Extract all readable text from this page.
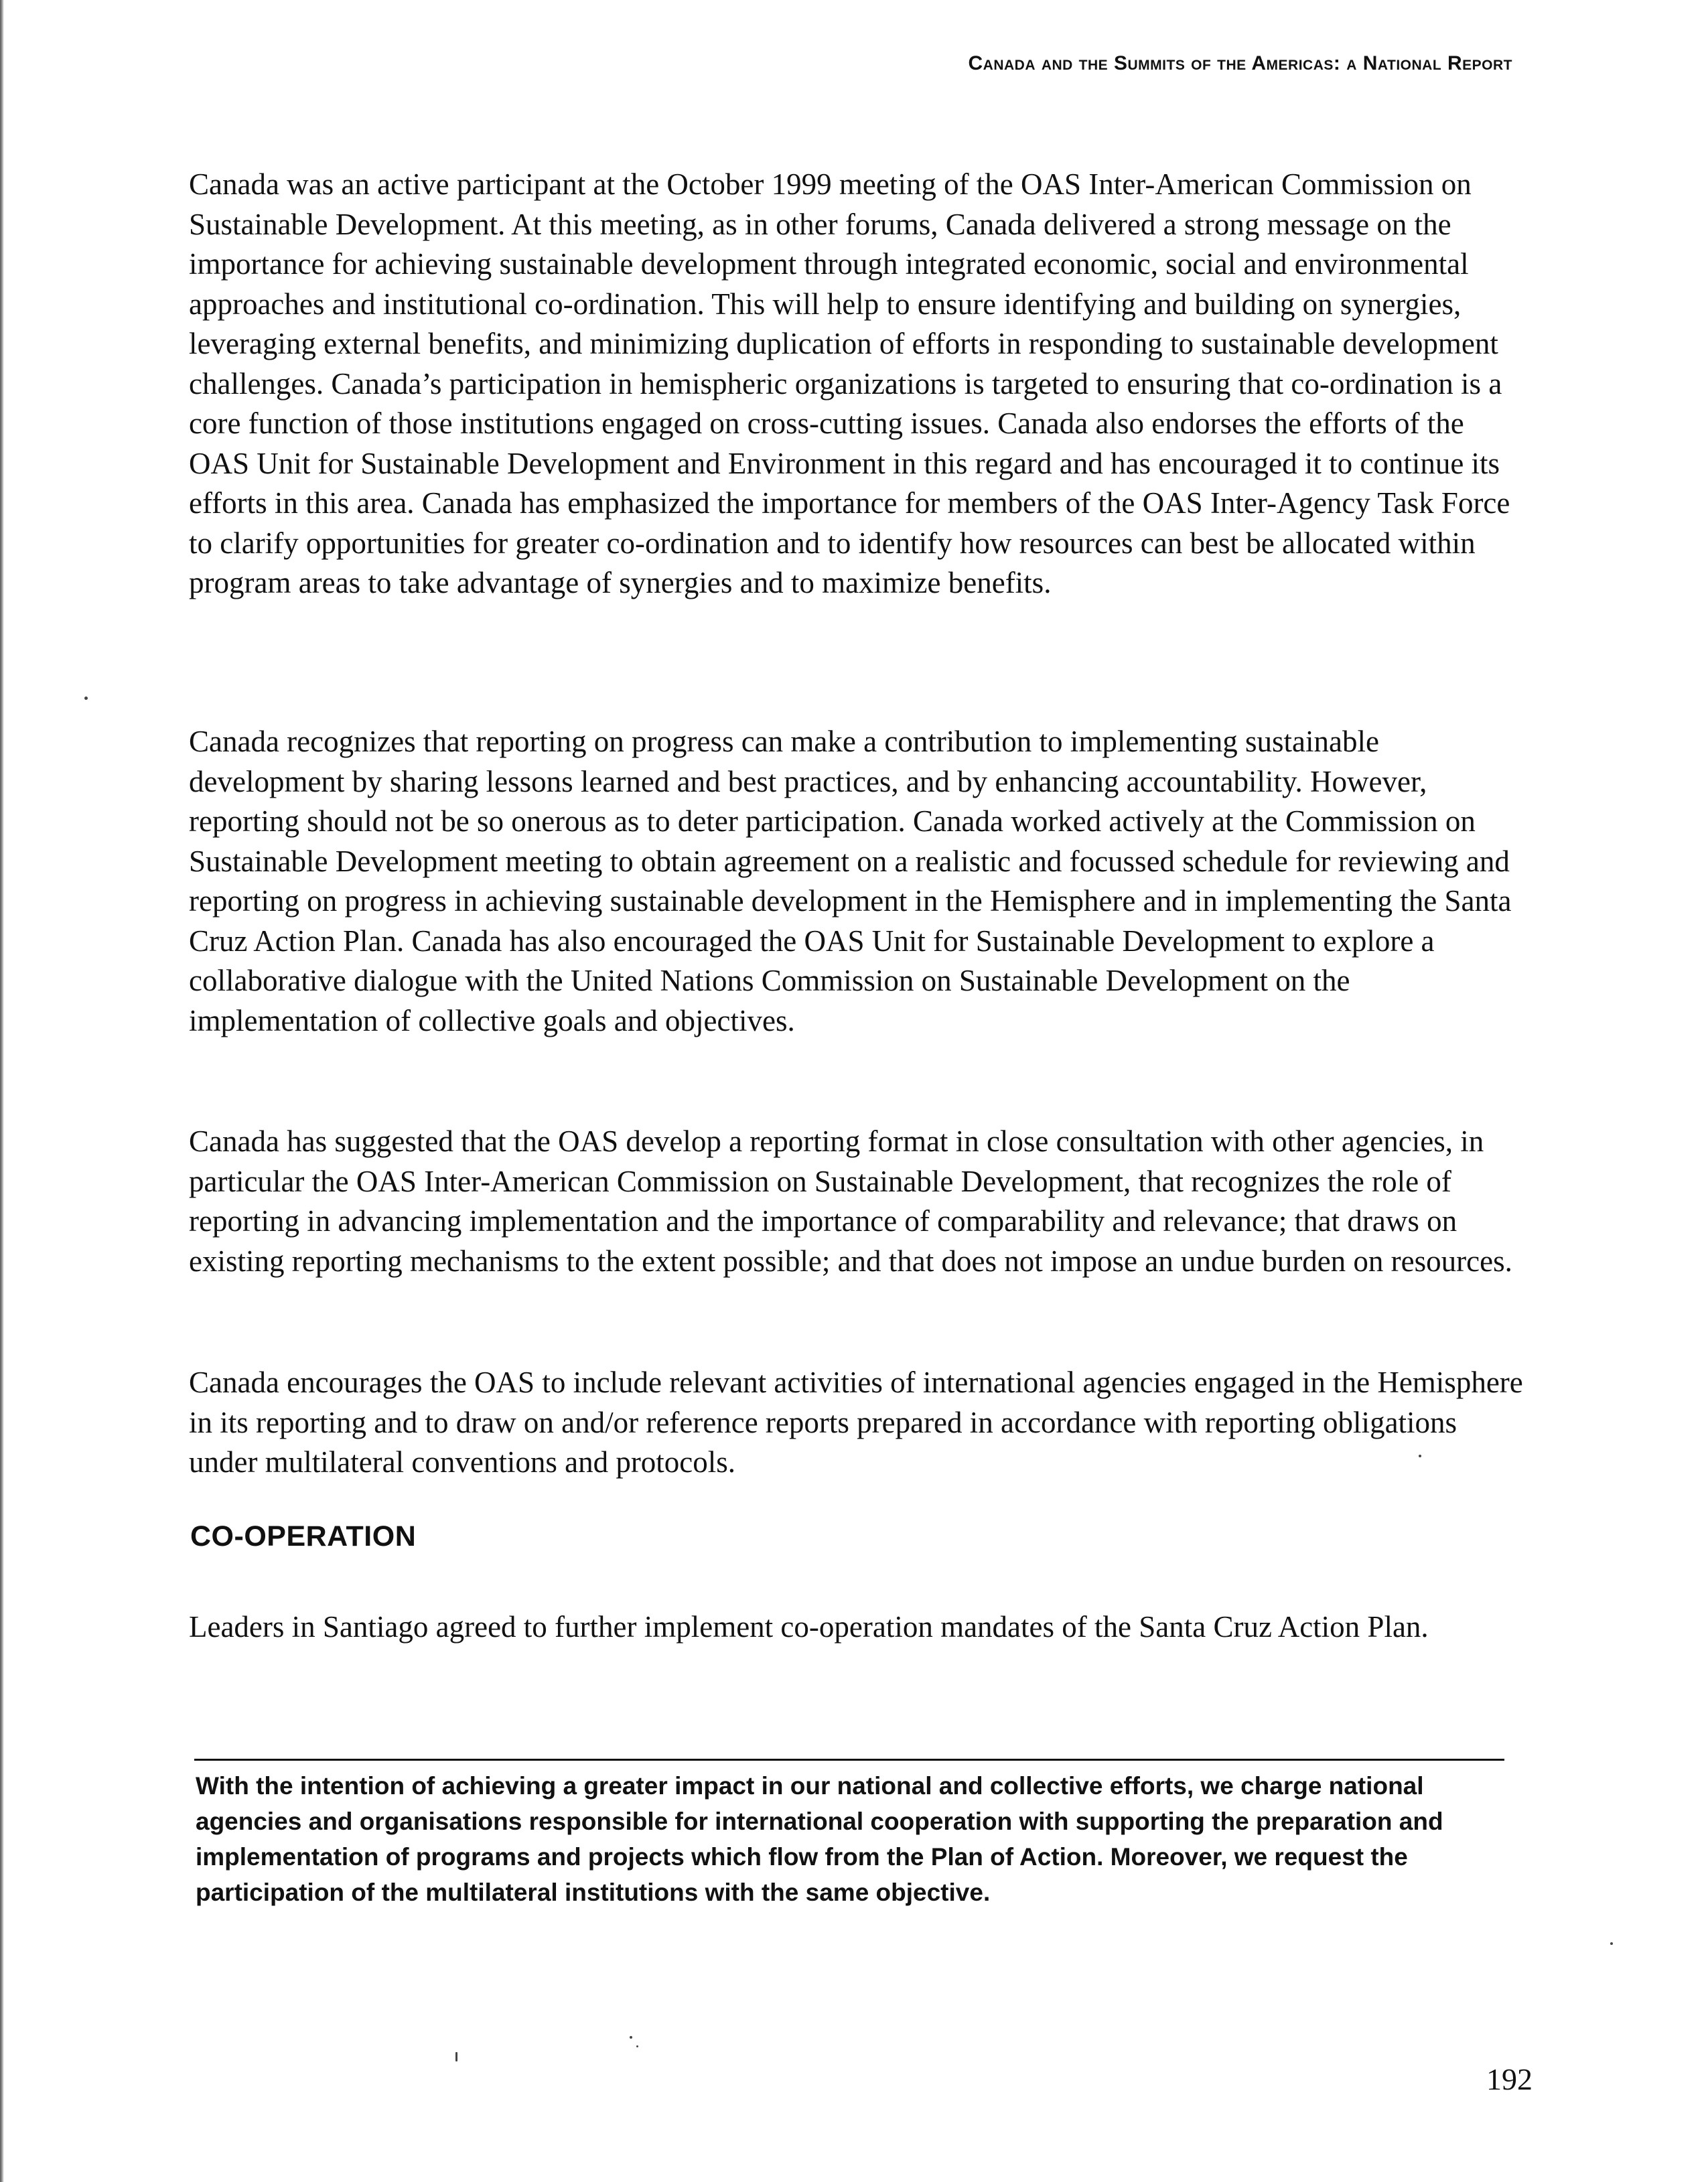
Canada and the Summits of the Americas: a National Report

Canada was an active participant at the October 1999 meeting of the OAS Inter-American Commission on Sustainable Development. At this meeting, as in other forums, Canada delivered a strong message on the importance for achieving sustainable development through integrated economic, social and environmental approaches and institutional co-ordination. This will help to ensure identifying and building on synergies, leveraging external benefits, and minimizing duplication of efforts in responding to sustainable development challenges. Canada’s participation in hemispheric organizations is targeted to ensuring that co-ordination is a core function of those institutions engaged on cross-cutting issues. Canada also endorses the efforts of the OAS Unit for Sustainable Development and Environment in this regard and has encouraged it to continue its efforts in this area. Canada has emphasized the importance for members of the OAS Inter-Agency Task Force to clarify opportunities for greater co-ordination and to identify how resources can best be allocated within program areas to take advantage of synergies and to maximize benefits.

Canada recognizes that reporting on progress can make a contribution to implementing sustainable development by sharing lessons learned and best practices, and by enhancing accountability. However, reporting should not be so onerous as to deter participation. Canada worked actively at the Commission on Sustainable Development meeting to obtain agreement on a realistic and focussed schedule for reviewing and reporting on progress in achieving sustainable development in the Hemisphere and in implementing the Santa Cruz Action Plan. Canada has also encouraged the OAS Unit for Sustainable Development to explore a collaborative dialogue with the United Nations Commission on Sustainable Development on the implementation of collective goals and objectives.

Canada has suggested that the OAS develop a reporting format in close consultation with other agencies, in particular the OAS Inter-American Commission on Sustainable Development, that recognizes the role of reporting in advancing implementation and the importance of comparability and relevance; that draws on existing reporting mechanisms to the extent possible; and that does not impose an undue burden on resources.

Canada encourages the OAS to include relevant activities of international agencies engaged in the Hemisphere in its reporting and to draw on and/or reference reports prepared in accordance with reporting obligations under multilateral conventions and protocols.

CO-OPERATION

Leaders in Santiago agreed to further implement co-operation mandates of the Santa Cruz Action Plan.

With the intention of achieving a greater impact in our national and collective efforts, we charge national agencies and organisations responsible for international cooperation with supporting the preparation and implementation of programs and projects which flow from the Plan of Action. Moreover, we request the participation of the multilateral institutions with the same objective.

192
